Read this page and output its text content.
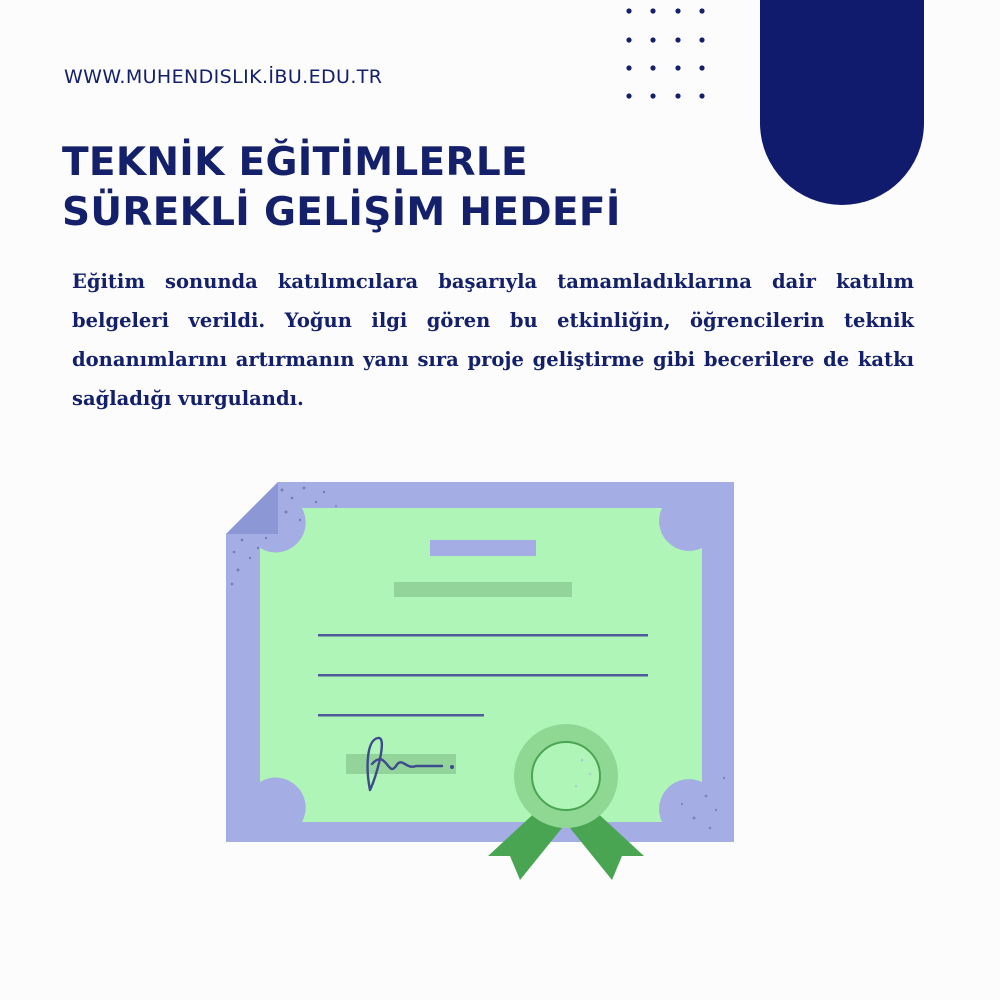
WWW.MUHENDISLIK.İBU.EDU.TR
TEKNİK EĞİTİMLERLE
SÜREKLİ GELİŞİM HEDEFİ
Eğitim sonunda katılımcılara başarıyla tamamladıklarına dair katılım belgeleri verildi. Yoğun ilgi gören bu etkinliğin, öğrencilerin teknik donanımlarını artırmanın yanı sıra proje geliştirme gibi becerilere de katkı sağladığı vurgulandı.
